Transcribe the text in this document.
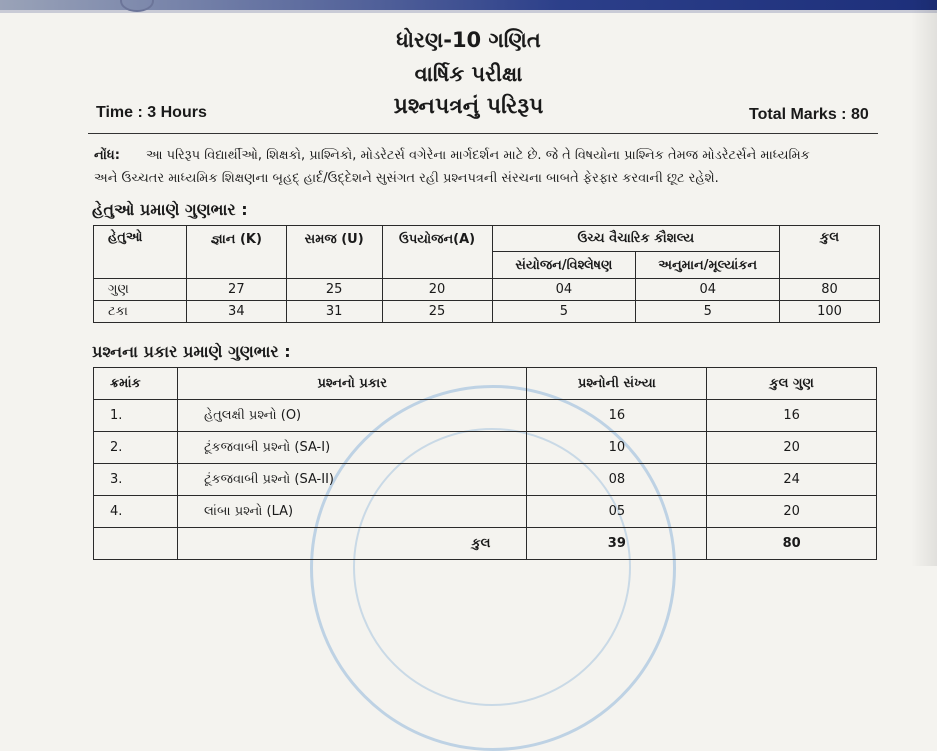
ધોરણ-10 ગણિત
વાર્ષિક પરીક્ષા
પ્રશ્નપત્રનું પરિરૂપ
Time : 3 Hours	Total Marks : 80
નોંધ: આ પરિરૂપ વિદ્યાર્થીઓ, શિક્ષકો, પ્રાશ્નિકો, મોડરેટર્સ વગેરેના માર્ગદર્શન માટે છે. જે તે વિષયોના પ્રાશ્નિક તેમજ મોડરેટર્સને માધ્યમિક
અને ઉચ્ચતર માધ્યમિક શિક્ષણના બૃહદ્ હાર્દ/ઉદ્દેશને સુસંગત રહી પ્રશ્નપત્રની સંરચના બાબતે ફેરફાર કરવાની છૂટ રહેશે.
હેતુઓ પ્રમાણે ગુણભાર :
હેતુઓ	જ્ઞાન (K)	સમજ (U)	ઉપયોજન(A)	ઉચ્ચ વૈચારિક કૌશલ્ય		કુલ
				સંયોજન/વિશ્લેષણ	અનુમાન/મૂલ્યાંકન	
ગુણ	27	25	20	04	04	80
ટકા	34	31	25	5	5	100
પ્રશ્નના પ્રકાર પ્રમાણે ગુણભાર :
ક્રમાંક	પ્રશ્નનો પ્રકાર	પ્રશ્નોની સંખ્યા	કુલ ગુણ
1.	હેતુલક્ષી પ્રશ્નો (O)	16	16
2.	ટૂંકજવાબી પ્રશ્નો (SA-I)	10	20
3.	ટૂંકજવાબી પ્રશ્નો (SA-II)	08	24
4.	લાંબા પ્રશ્નો (LA)	05	20
	કુલ	39	80
